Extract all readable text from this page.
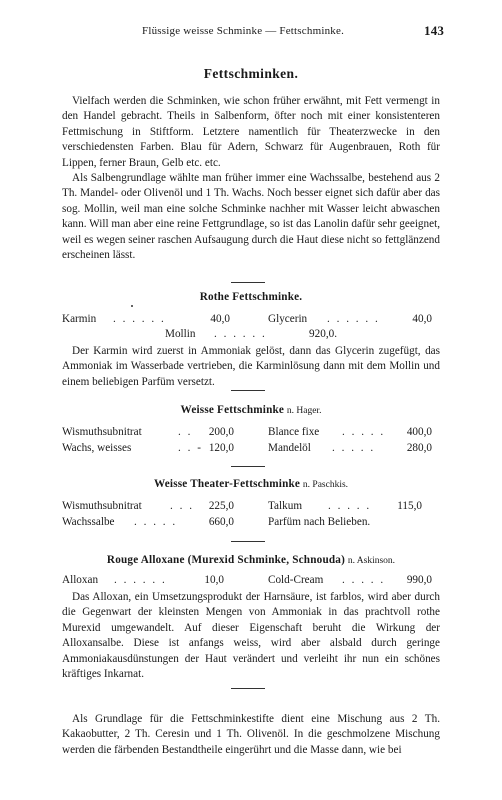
Flüssige weisse Schminke — Fettschminke.	143
Fettschminken.

Vielfach werden die Schminken, wie schon früher erwähnt, mit Fett vermengt in den Handel gebracht. Theils in Salbenform, öfter noch mit einer konsistenteren Fettmischung in Stiftform. Letztere namentlich für Theaterzwecke in den verschiedensten Farben. Blau für Adern, Schwarz für Augenbrauen, Roth für Lippen, ferner Braun, Gelb etc. etc.

Als Salbengrundlage wählte man früher immer eine Wachssalbe, bestehend aus 2 Th. Mandel- oder Olivenöl und 1 Th. Wachs. Noch besser eignet sich dafür aber das sog. Mollin, weil man eine solche Schminke nachher mit Wasser leicht abwaschen kann. Will man aber eine reine Fettgrundlage, so ist das Lanolin dafür sehr geeignet, weil es wegen seiner raschen Aufsaugung durch die Haut diese nicht so fettglänzend erscheinen lässt.

Rothe Fettschminke.
Karmin . . . . . .	40,0	Glycerin . . . . . .	40,0
Mollin . . . . . .	920,0.

Der Karmin wird zuerst in Ammoniak gelöst, dann das Glycerin zugefügt, das Ammoniak im Wasserbade vertrieben, die Karminlösung dann mit dem Mollin und einem beliebigen Parfüm versetzt.

Weisse Fettschminke n. Hager.
Wismuthsubnitrat	. .	200,0	Blance fixe . . . . .	400,0
Wachs, weisses	. . - 120,0	Mandelöl . . . . .	280,0
Weisse Theater-Fettschminke n. Paschkis.
Wismuthsubnitrat	. . .	225,0	Talkum . . . . .	115,0
Wachssalbe . . . . .	660,0	Parfüm nach Belieben.
Rouge Alloxane (Murexid Schminke, Schnouda) n. Askinson.
Alloxan . . . . . .	10,0	Cold-Cream . . . . .	990,0

Das Alloxan, ein Umsetzungsprodukt der Harnsäure, ist farblos, wird aber durch die Gegenwart der kleinsten Mengen von Ammoniak in das prachtvoll rothe Murexid umgewandelt. Auf dieser Eigenschaft beruht die Wirkung der Alloxansalbe. Diese ist anfangs weiss, wird aber alsbald durch geringe Ammoniakausdünstungen der Haut verändert und verleiht ihr nun ein schönes kräftiges Inkarnat.

Als Grundlage für die Fettschminkestifte dient eine Mischung aus 2 Th. Kakaobutter, 2 Th. Ceresin und 1 Th. Olivenöl. In die geschmolzene Mischung werden die färbenden Bestandtheile eingerührt und die Masse dann, wie bei
